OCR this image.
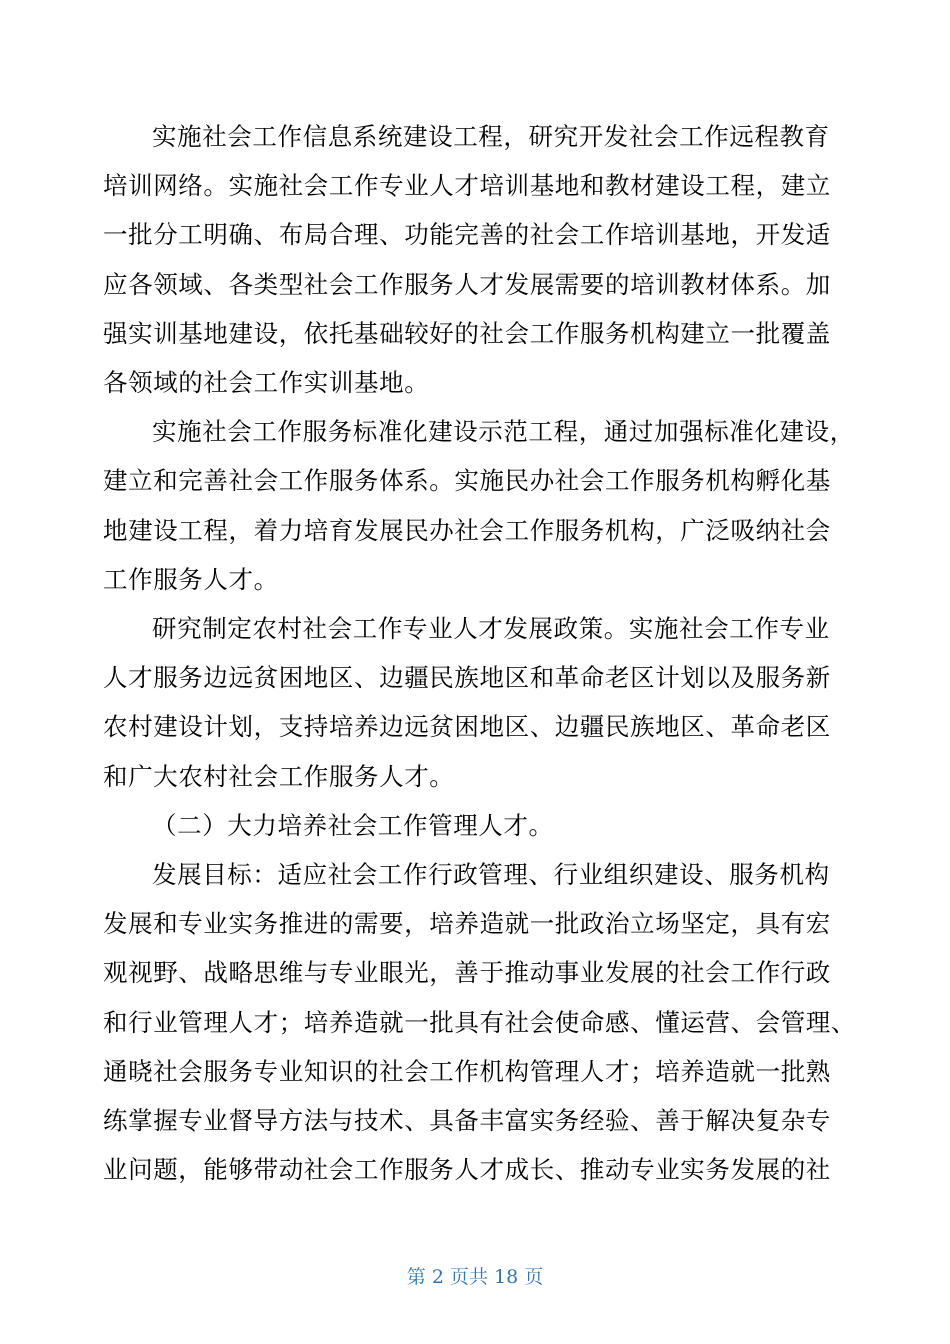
实施社会工作信息系统建设工程，研究开发社会工作远程教育
培训网络。实施社会工作专业人才培训基地和教材建设工程，建立
一批分工明确、布局合理、功能完善的社会工作培训基地，开发适
应各领域、各类型社会工作服务人才发展需要的培训教材体系。加
强实训基地建设，依托基础较好的社会工作服务机构建立一批覆盖
各领域的社会工作实训基地。

实施社会工作服务标准化建设示范工程，通过加强标准化建设，
建立和完善社会工作服务体系。实施民办社会工作服务机构孵化基
地建设工程，着力培育发展民办社会工作服务机构，广泛吸纳社会
工作服务人才。

研究制定农村社会工作专业人才发展政策。实施社会工作专业
人才服务边远贫困地区、边疆民族地区和革命老区计划以及服务新
农村建设计划，支持培养边远贫困地区、边疆民族地区、革命老区
和广大农村社会工作服务人才。

（二）大力培养社会工作管理人才。

发展目标：适应社会工作行政管理、行业组织建设、服务机构
发展和专业实务推进的需要，培养造就一批政治立场坚定，具有宏
观视野、战略思维与专业眼光，善于推动事业发展的社会工作行政
和行业管理人才；培养造就一批具有社会使命感、懂运营、会管理、
通晓社会服务专业知识的社会工作机构管理人才；培养造就一批熟
练掌握专业督导方法与技术、具备丰富实务经验、善于解决复杂专
业问题，能够带动社会工作服务人才成长、推动专业实务发展的社

第 2 页共 18 页
